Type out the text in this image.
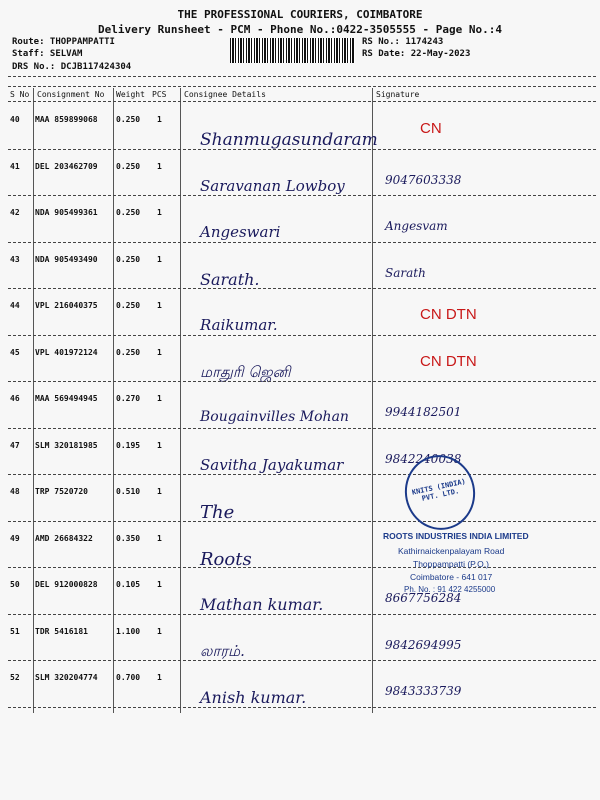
THE PROFESSIONAL COURIERS, COIMBATORE
Delivery Runsheet - PCM - Phone No.:0422-3505555 - Page No.:4
Route: THOPPAMPATTI
Staff: SELVAM
DRS No.: DCJB117424304
RS No.: 1174243
RS Date: 22-May-2023
S No Consignment No Weight PCS Consignee Details	Signature
40 MAA 859899068 0.250 1
Shanmugasundaram
CN
41 DEL 203462709 0.250 1
Saravanan Lowboy	9047603338
42 NDA 905499361 0.250 1
Angeswari	Angesvam
43 NDA 905493490 0.250 1
Sarath.	Sarath
44 VPL 216040375 0.250 1
Raikumar.
CN DTN
45 VPL 401972124 0.250 1
மாதுரி ஜெனி
CN DTN
46 MAA 569494945 0.270 1
Bougainvilles Mohan	9944182501
47 SLM 320181985 0.195 1
Savitha Jayakumar	9842240038
48 TRP 7520720	0.510 1
The
49 AMD 26684322	0.350 1
Roots
50 DEL 912000828 0.105 1
Mathan kumar.	8667756284
51 TDR 5416181	1.100 1
லாரம்.	9842694995
52 SLM 320204774 0.700 1
Anish kumar.	9843333739
KNITS (INDIA) PVT. LTD.
ROOTS INDUSTRIES INDIA LIMITED
Kathirnaickenpalayam Road
Thoppampatti (P.O.)
Coimbatore - 641 017
Ph. No. : 91 422 4255000
